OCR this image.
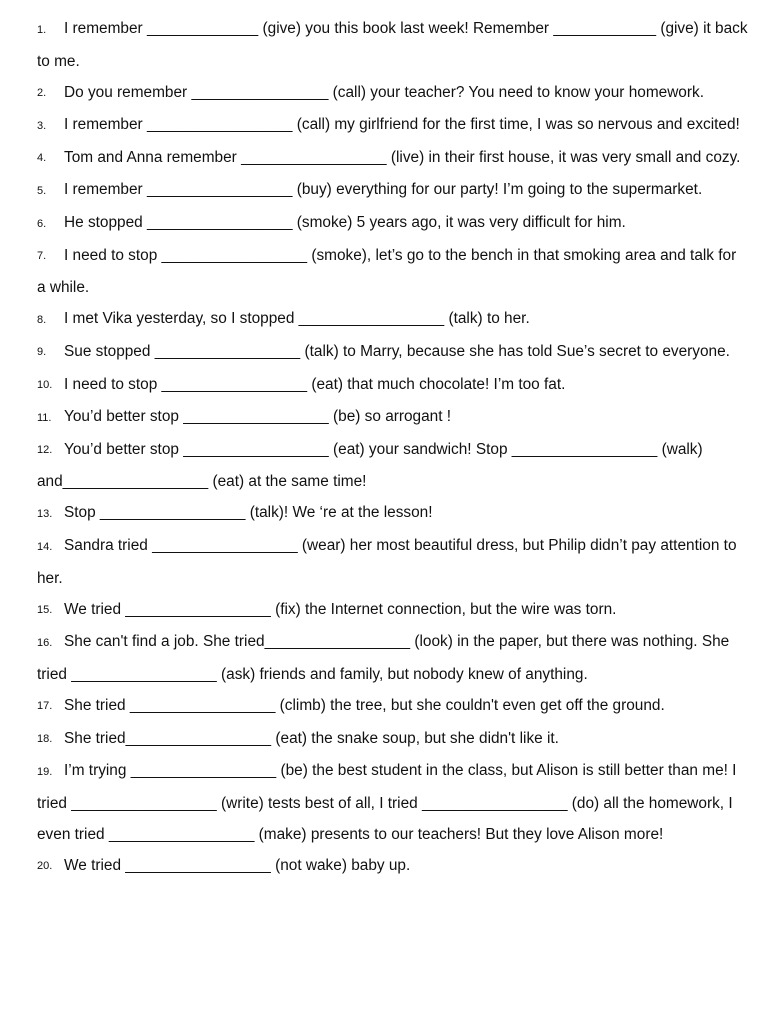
1. I remember _____________ (give) you this book last week! Remember ____________ (give) it back to me.
2. Do you remember ________________ (call) your teacher? You need to know your homework.
3. I remember _________________ (call) my girlfriend for the first time, I was so nervous and excited!
4. Tom and Anna remember _________________ (live) in their first house, it was very small and cozy.
5. I remember _________________ (buy) everything for our party! I’m going to the supermarket.
6. He stopped _________________ (smoke) 5 years ago, it was very difficult for him.
7. I need to stop _________________ (smoke), let’s go to the bench in that smoking area and talk for a while.
8. I met Vika yesterday, so I stopped _________________ (talk) to her.
9. Sue stopped _________________ (talk) to Marry, because she has told Sue’s secret to everyone.
10. I need to stop _________________ (eat) that much chocolate! I’m too fat.
11. You’d better stop _________________ (be) so arrogant !
12. You’d better stop _________________ (eat) your sandwich! Stop _________________ (walk) and_________________ (eat) at the same time!
13. Stop _________________ (talk)! We ‘re at the lesson!
14. Sandra tried _________________ (wear) her most beautiful dress, but Philip didn’t pay attention to her.
15. We tried _________________ (fix) the Internet connection, but the wire was torn.
16. She can't find a job. She tried_________________ (look) in the paper, but there was nothing. She tried _________________ (ask) friends and family, but nobody knew of anything.
17. She tried _________________ (climb) the tree, but she couldn't even get off the ground.
18. She tried_________________ (eat) the snake soup, but she didn't like it.
19. I’m trying _________________ (be) the best student in the class, but Alison is still better than me! I tried _________________ (write) tests best of all, I tried _________________ (do) all the homework, I even tried _________________ (make) presents to our teachers! But they love Alison more!
20. We tried _________________ (not wake) baby up.
